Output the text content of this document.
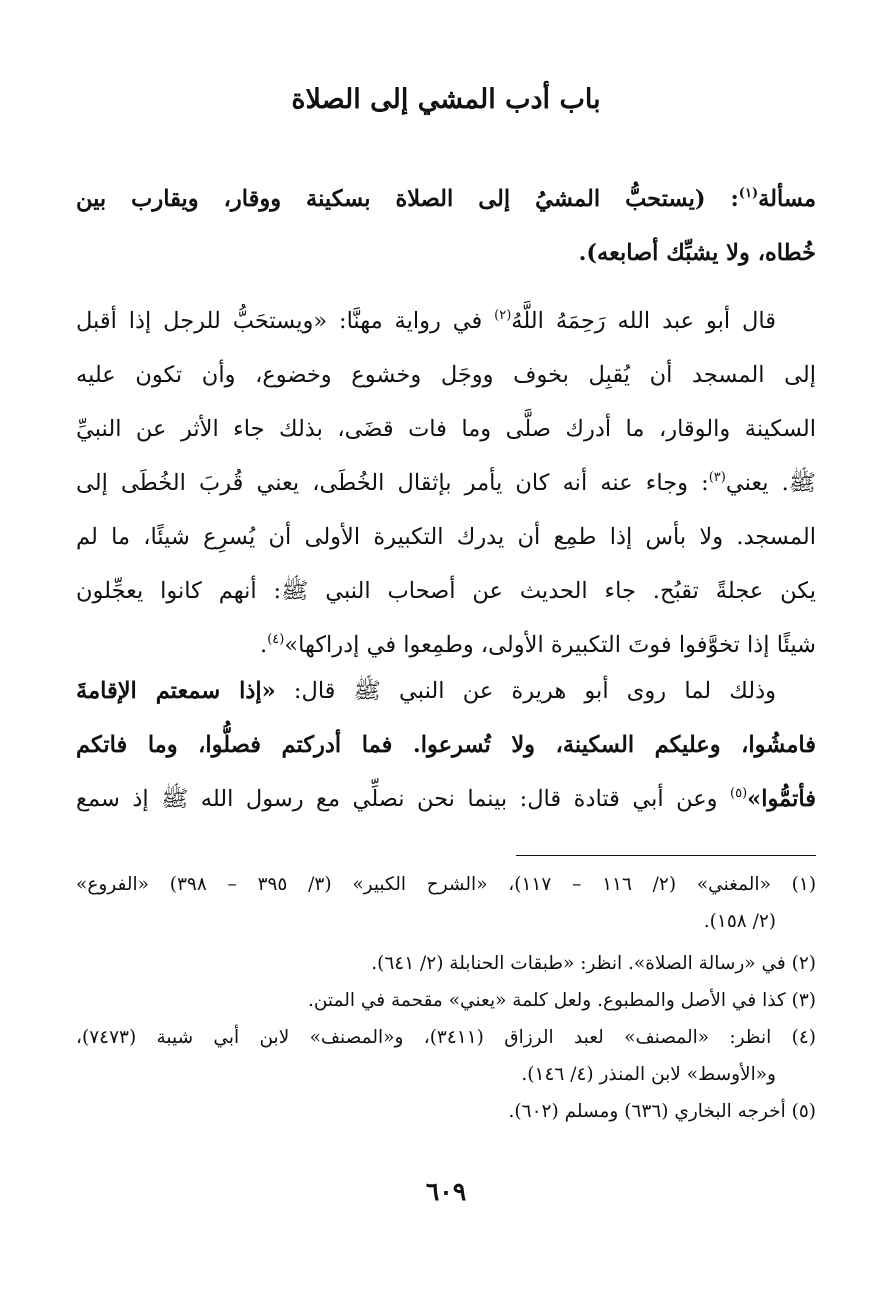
باب أدب المشي إلى الصلاة
مسألة$^{(١)}$: (يستحبُّ المشيُ إلى الصلاة بسكينة ووقار، ويقارب بين
خُطاه، ولا يشبِّك أصابعه).
قال أبو عبد الله رَحِمَهُ اللَّهُ$^{(٢)}$ في رواية مهنَّا: «ويستحَبُّ للرجل إذا أقبل
إلى المسجد أن يُقبِل بخوف ووجَل وخشوع وخضوع، وأن تكون عليه
السكينة والوقار، ما أدرك صلَّى وما فات قضَى، بذلك جاء الأثر عن النبيِّ
ﷺ. يعني$^{(٣)}$: وجاء عنه أنه كان يأمر بإثقال الخُطَى، يعني قُربَ الخُطَى إلى
المسجد. ولا بأس إذا طمِع أن يدرك التكبيرة الأولى أن يُسرِع شيئًا، ما لم
يكن عجلةً تقبُح. جاء الحديث عن أصحاب النبي ﷺ: أنهم كانوا يعجِّلون
شيئًا إذا تخوَّفوا فوتَ التكبيرة الأولى، وطمِعوا في إدراكها»$^{(٤)}$.
وذلك لما روى أبو هريرة عن النبي ﷺ قال: «إذا سمعتم الإقامةَ
فامشُوا، وعليكم السكينة، ولا تُسرعوا. فما أدركتم فصلُّوا، وما فاتكم
فأتمُّوا»$^{(٥)}$ وعن أبي قتادة قال: بينما نحن نصلِّي مع رسول الله ﷺ إذ سمع
(١) «المغني» (٢/ ١١٦ – ١١٧)، «الشرح الكبير» (٣/ ٣٩٥ – ٣٩٨) «الفروع»
(٢/ ١٥٨).
(٢) في «رسالة الصلاة». انظر: «طبقات الحنابلة (٢/ ٦٤١).
(٣) كذا في الأصل والمطبوع. ولعل كلمة «يعني» مقحمة في المتن.
(٤) انظر: «المصنف» لعبد الرزاق (٣٤١١)، و«المصنف» لابن أبي شيبة (٧٤٧٣)،
و«الأوسط» لابن المنذر (٤/ ١٤٦).
(٥) أخرجه البخاري (٦٣٦) ومسلم (٦٠٢).
٦٠٩
